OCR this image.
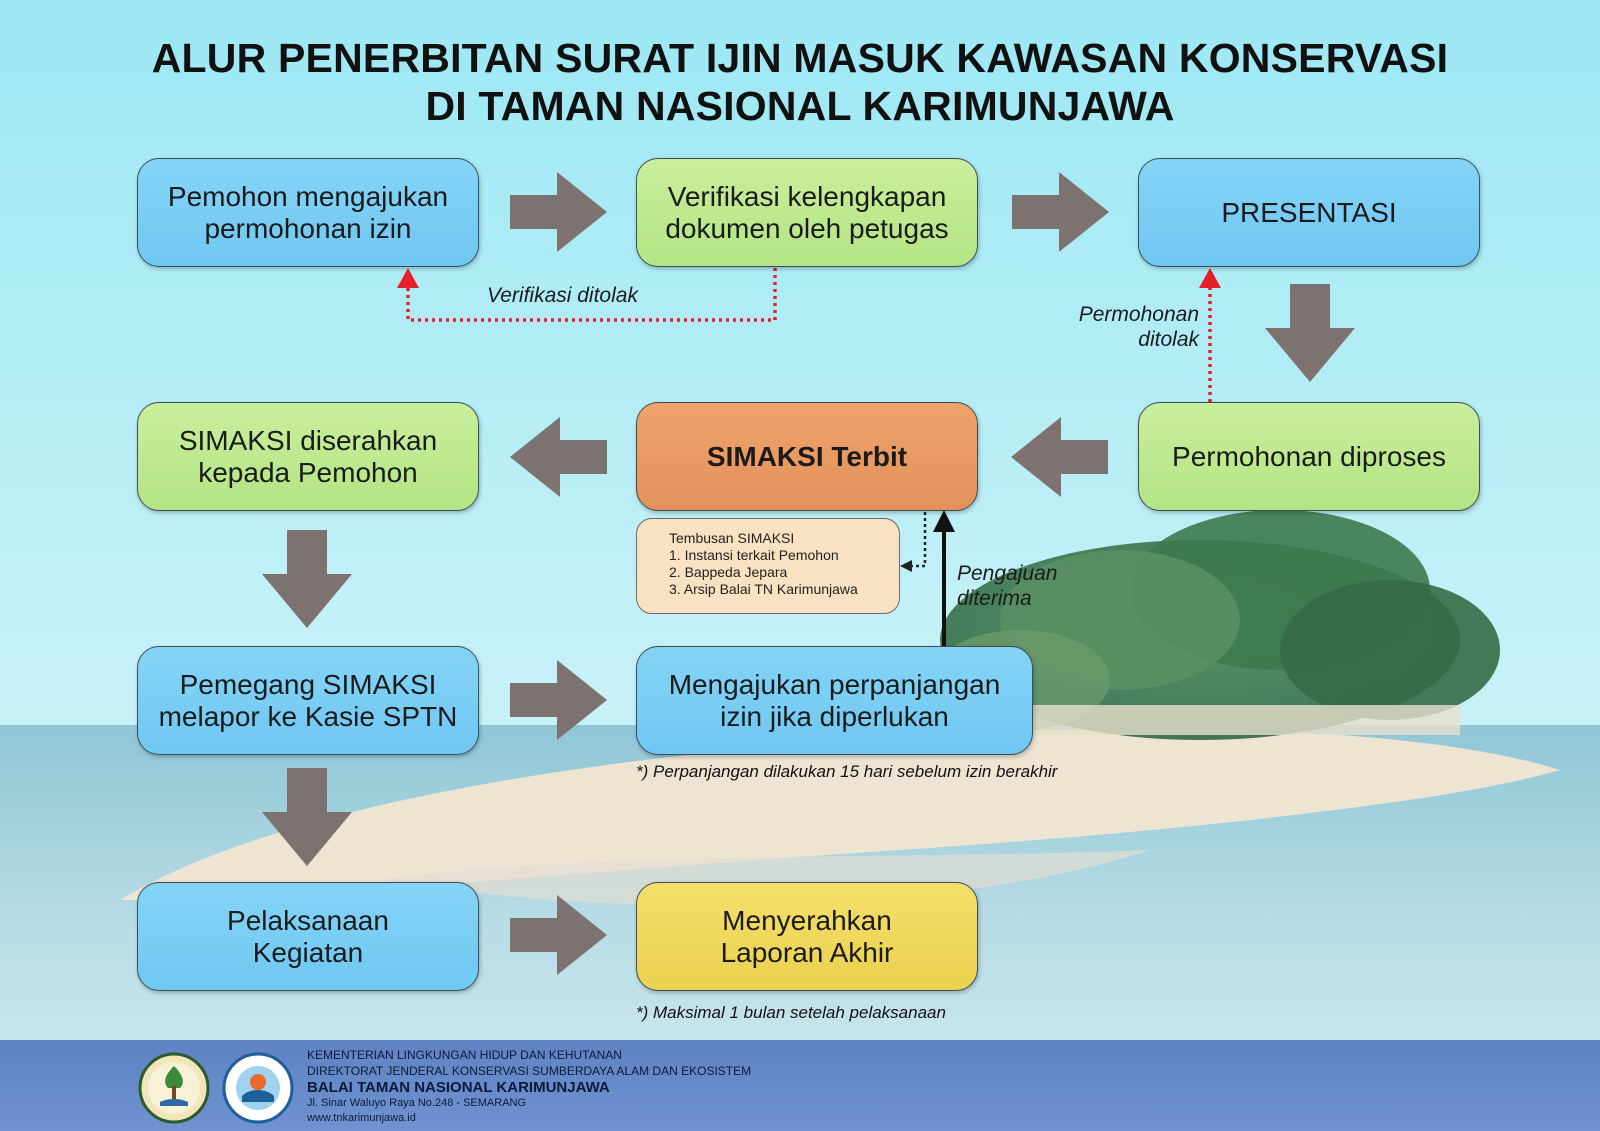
ALUR PENERBITAN SURAT IJIN MASUK KAWASAN KONSERVASI
DI TAMAN NASIONAL KARIMUNJAWA
Pemohon mengajukan
permohonan izin
Verifikasi kelengkapan
dokumen oleh petugas
PRESENTASI
Permohonan diproses
SIMAKSI Terbit
SIMAKSI diserahkan
kepada Pemohon
Pemegang SIMAKSI
melapor ke Kasie SPTN
Mengajukan perpanjangan
izin jika diperlukan
Pelaksanaan
Kegiatan
Menyerahkan
Laporan Akhir
Tembusan SIMAKSI
1. Instansi terkait Pemohon
2. Bappeda Jepara
3. Arsip Balai TN Karimunjawa
Verifikasi ditolak
Permohonan
ditolak
Pengajuan
diterima
*) Perpanjangan dilakukan 15 hari sebelum izin berakhir
*) Maksimal 1 bulan setelah pelaksanaan
KEMENTERIAN LINGKUNGAN HIDUP DAN KEHUTANAN
DIREKTORAT JENDERAL KONSERVASI SUMBERDAYA ALAM DAN EKOSISTEM
BALAI TAMAN NASIONAL KARIMUNJAWA
Jl. Sinar Waluyo Raya No.248 - SEMARANG
www.tnkarimunjawa.id
